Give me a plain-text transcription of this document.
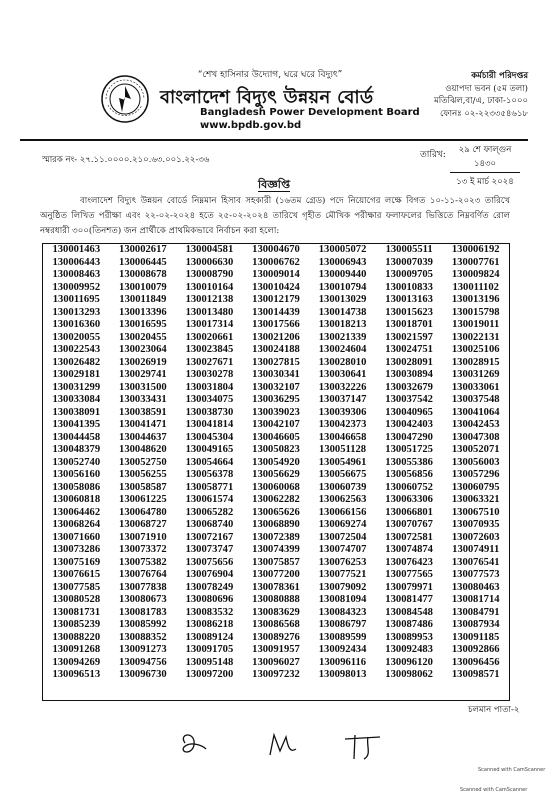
“শেখ হাসিনার উদ্যোগ, ঘরে ঘরে বিদ্যুৎ”
বাংলাদেশ বিদ্যুৎ উন্নয়ন বোর্ড
Bangladesh Power Development Board
www.bpdb.gov.bd
কর্মচারী পরিদপ্তর
ওয়াপদা ভবন (৫ম তলা)
মতিঝিল,বা/এ, ঢাকা-১০০০
ফোনঃ ০২-২২৩৩৫৪৬১৮
স্মারক নং- ২৭.১১.০০০০.২১০.৬৩.০০১.২২-৩৬	তারিখ:	২৯ শে ফাল্গুন ১৪৩০
১৩ ই মার্চ ২০২৪
বিজ্ঞপ্তি
বাংলাদেশ বিদ্যুৎ উন্নয়ন বোর্ডে নিম্নমান হিসাব সহকারী (১৬তম গ্রেড) পদে নিয়োগের লক্ষে বিগত ১০-১১-২০২৩ তারিখে অনুষ্ঠিত লিখিত পরীক্ষা এবং ২২-০২-২০২৪ হতে ২৫-০২-২০২৪ তারিখে গৃহীত মৌখিক পরীক্ষার ফলাফলের ভিত্তিতে নিম্নবর্ণিত রোল নম্বরধারী ৩০০(তিনশত) জন প্রার্থীকে প্রাথমিকভাবে নির্বাচন করা হলো:
130001463	130002617	130004581	130004670	130005072	130005511	130006192
130006443	130006445	130006630	130006762	130006943	130007039	130007761
130008463	130008678	130008790	130009014	130009440	130009705	130009824
130009952	130010079	130010164	130010424	130010794	130010833	130011102
130011695	130011849	130012138	130012179	130013029	130013163	130013196
130013293	130013396	130013480	130014439	130014738	130015623	130015798
130016360	130016595	130017314	130017566	130018213	130018701	130019011
130020055	130020455	130020661	130021206	130021339	130021597	130022131
130022543	130023064	130023845	130024188	130024604	130024751	130025106
130026482	130026919	130027671	130027815	130028010	130028091	130028915
130029181	130029741	130030278	130030341	130030641	130030894	130031269
130031299	130031500	130031804	130032107	130032226	130032679	130033061
130033084	130033431	130034075	130036295	130037147	130037542	130037548
130038091	130038591	130038730	130039023	130039306	130040965	130041064
130041395	130041471	130041814	130042107	130042373	130042403	130042453
130044458	130044637	130045304	130046605	130046658	130047290	130047308
130048379	130048620	130049165	130050823	130051128	130051725	130052071
130052740	130052750	130054664	130054920	130054961	130055386	130056003
130056160	130056255	130056378	130056629	130056675	130056856	130057296
130058086	130058587	130058771	130060068	130060739	130060752	130060795
130060818	130061225	130061574	130062282	130062563	130063306	130063321
130064462	130064780	130065282	130065626	130066156	130066801	130067510
130068264	130068727	130068740	130068890	130069274	130070767	130070935
130071660	130071910	130072167	130072389	130072504	130072581	130072603
130073286	130073372	130073747	130074399	130074707	130074874	130074911
130075169	130075382	130075656	130075857	130076253	130076423	130076541
130076615	130076764	130076904	130077200	130077521	130077565	130077573
130077585	130077838	130078249	130078361	130079092	130079971	130080463
130080528	130080673	130080696	130080888	130081094	130081477	130081714
130081731	130081783	130083532	130083629	130084323	130084548	130084791
130085239	130085992	130086218	130086568	130086797	130087486	130087934
130088220	130088352	130089124	130089276	130089599	130089953	130091185
130091268	130091273	130091705	130091957	130092434	130092483	130092866
130094269	130094756	130095148	130096027	130096116	130096120	130096456
130096513	130096730	130097200	130097232	130098013	130098062	130098571
চলমান পাতা-২
Scanned with CamScanner
Scanned with CamScanner
